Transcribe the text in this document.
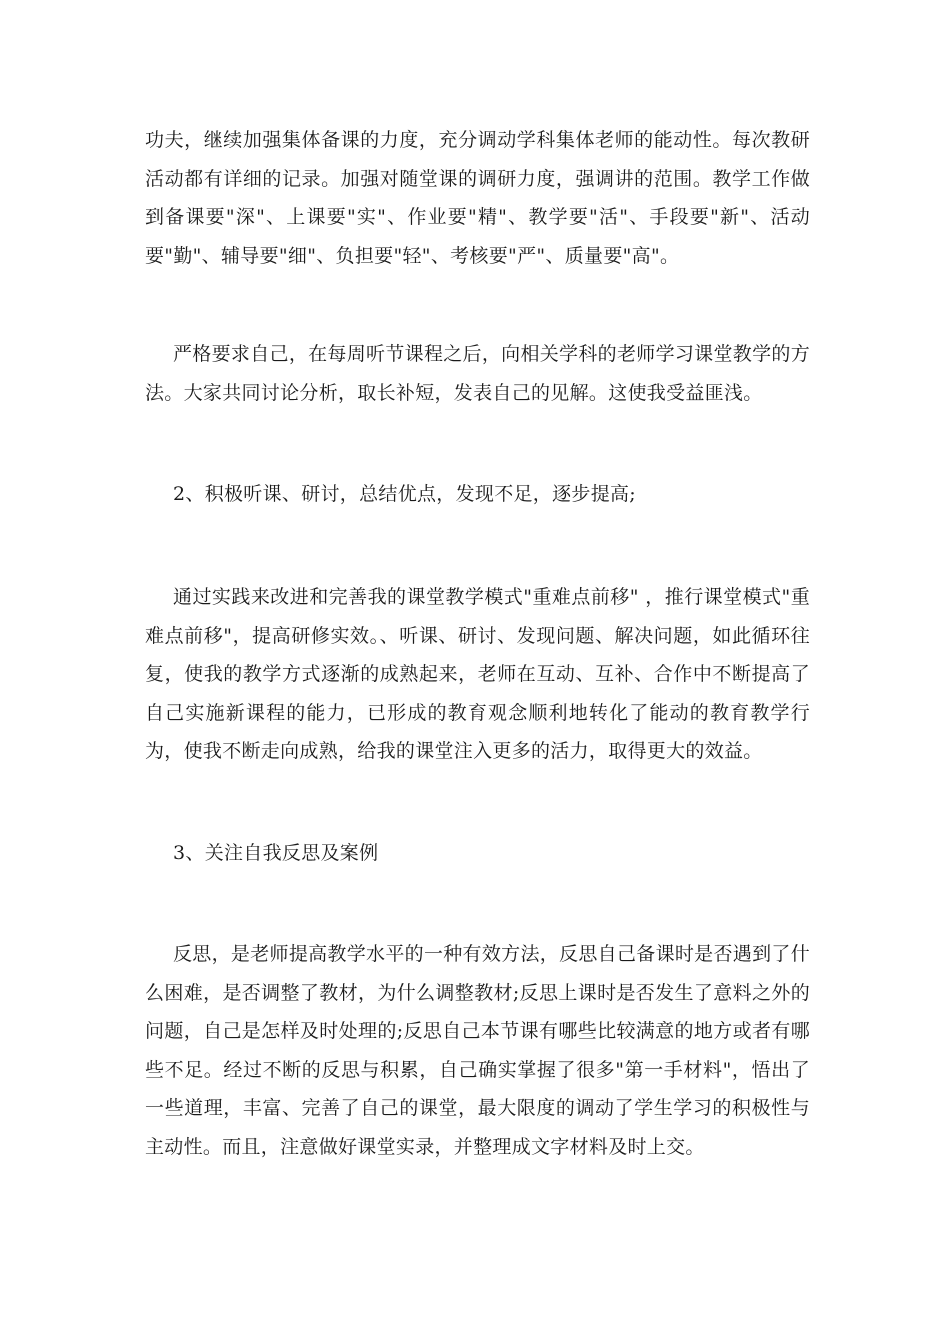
功夫，继续加强集体备课的力度，充分调动学科集体老师的能动性。每次教研活动都有详细的记录。加强对随堂课的调研力度，强调讲的范围。教学工作做到备课要"深"、上课要"实"、作业要"精"、教学要"活"、手段要"新"、活动要"勤"、辅导要"细"、负担要"轻"、考核要"严"、质量要"高"。

严格要求自己，在每周听节课程之后，向相关学科的老师学习课堂教学的方法。大家共同讨论分析，取长补短，发表自己的见解。这使我受益匪浅。

2、积极听课、研讨，总结优点，发现不足，逐步提高;

通过实践来改进和完善我的课堂教学模式"重难点前移" ，推行课堂模式"重难点前移"，提高研修实效。、听课、研讨、发现问题、解决问题，如此循环往复，使我的教学方式逐渐的成熟起来，老师在互动、互补、合作中不断提高了自己实施新课程的能力，已形成的教育观念顺利地转化了能动的教育教学行为，使我不断走向成熟，给我的课堂注入更多的活力，取得更大的效益。

3、关注自我反思及案例

反思，是老师提高教学水平的一种有效方法，反思自己备课时是否遇到了什么困难，是否调整了教材，为什么调整教材;反思上课时是否发生了意料之外的问题，自己是怎样及时处理的;反思自己本节课有哪些比较满意的地方或者有哪些不足。经过不断的反思与积累，自己确实掌握了很多"第一手材料"，悟出了一些道理，丰富、完善了自己的课堂，最大限度的调动了学生学习的积极性与主动性。而且，注意做好课堂实录，并整理成文字材料及时上交。
